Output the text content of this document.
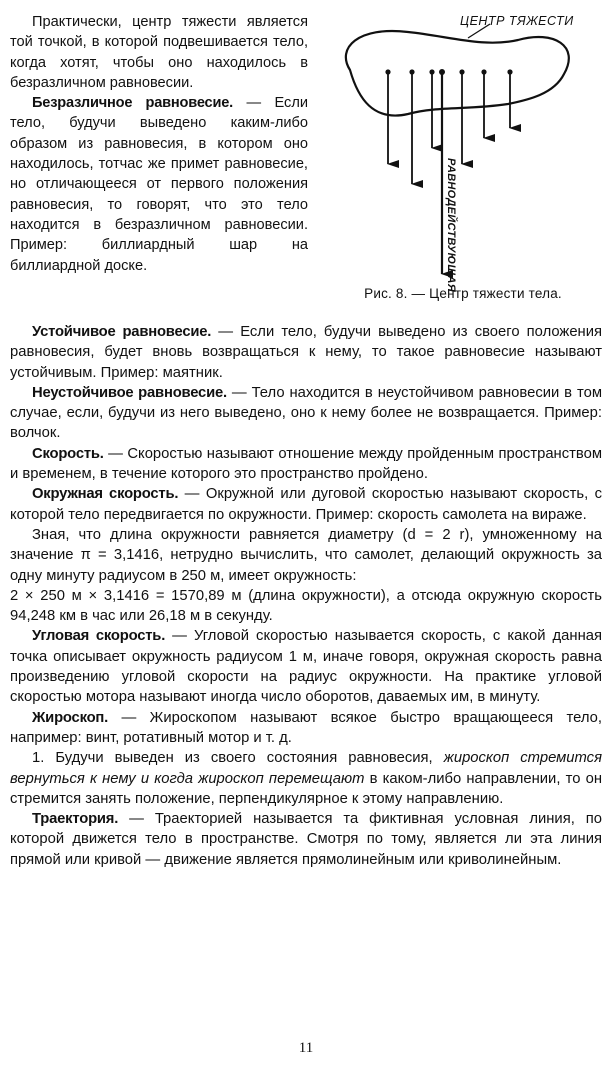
Практически, центр тяжести является той точкой, в которой подвешивается тело, когда хотят, чтобы оно находилось в безразличном равновесии.

Безразличное равновесие. — Если тело, будучи выведено каким-либо образом из равновесия, в котором оно находилось, тотчас же примет равновесие, но отличающееся от первого положения равновесия, то говорят, что это тело находится в безразличном равновесии. Пример: биллиардный шар на биллиардной доске.

ЦЕНТР ТЯЖЕСТИ
РАВНОДЕЙСТВУЮЩАЯ
Рис. 8. — Центр тяжести тела.

Устойчивое равновесие. — Если тело, будучи выведено из своего положения равновесия, будет вновь возвращаться к нему, то такое равновесие называют устойчивым. Пример: маятник.

Неустойчивое равновесие. — Тело находится в неустойчивом равновесии в том случае, если, будучи из него выведено, оно к нему более не возвращается. Пример: волчок.

Скорость. — Скоростью называют отношение между пройденным пространством и временем, в течение которого это пространство пройдено.

Окружная скорость. — Окружной или дуговой скоростью называют скорость, с которой тело передвигается по окружности. Пример: скорость самолета на вираже.

Зная, что длина окружности равняется диаметру (d = 2 r), умноженному на значение π = 3,1416, нетрудно вычислить, что самолет, делающий окружность за одну минуту радиусом в 250 м, имеет окружность:

2 × 250 м × 3,1416 = 1570,89 м (длина окружности), а отсюда окружную скорость 94,248 км в час или 26,18 м в секунду.

Угловая скорость. — Угловой скоростью называется скорость, с какой данная точка описывает окружность радиусом 1 м, иначе говоря, окружная скорость равна произведению угловой скорости на радиус окружности. На практике угловой скоростью мотора называют иногда число оборотов, даваемых им, в минуту.

Жироскоп. — Жироскопом называют всякое быстро вращающееся тело, например: винт, ротативный мотор и т. д.

1. Будучи выведен из своего состояния равновесия, жироскоп стремится вернуться к нему и когда жироскоп перемещают в каком-либо направлении, то он стремится занять положение, перпендикулярное к этому направлению.

Траектория. — Траекторией называется та фиктивная условная линия, по которой движется тело в пространстве. Смотря по тому, является ли эта линия прямой или кривой — движение является прямолинейным или криволинейным.

11
